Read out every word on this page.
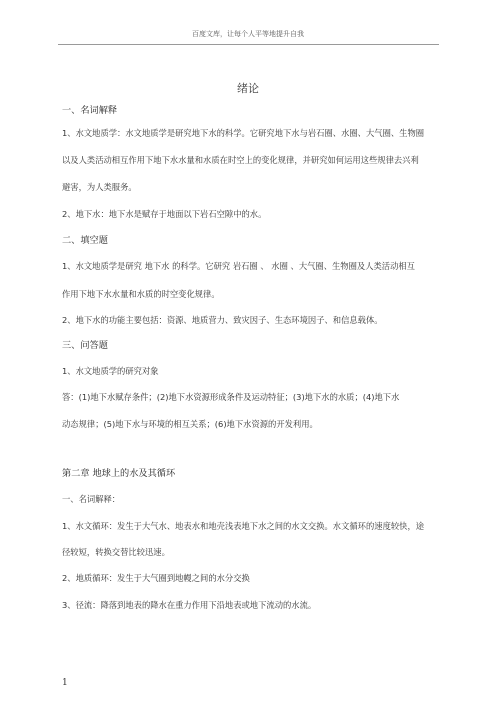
百度文库，让每个人平等地提升自我
绪论
一、名词解释
1、水文地质学：水文地质学是研究地下水的科学。它研究地下水与岩石圈、水圈、大气圈、生物圈
以及人类活动相互作用下地下水水量和水质在时空上的变化规律，并研究如何运用这些规律去兴利
避害，为人类服务。
2、地下水：地下水是赋存于地面以下岩石空隙中的水。
二、填空题
1、水文地质学是研究 地下水 的科学。它研究 岩石圈 、 水圈 、大气圈、生物圈及人类活动相互
作用下地下水水量和水质的时空变化规律。
2、地下水的功能主要包括：资源、地质营力、致灾因子、生态环境因子、和信息载体。
三、问答题
1、水文地质学的研究对象
答：(1)地下水赋存条件；(2)地下水资源形成条件及运动特征；(3)地下水的水质；(4)地下水
动态规律；(5)地下水与环境的相互关系；(6)地下水资源的开发利用。
第二章 地球上的水及其循环
一、名词解释：
1、水文循环：发生于大气水、地表水和地壳浅表地下水之间的水文交换。水文循环的速度较快，途
径较短，转换交替比较迅速。
2、地质循环：发生于大气圈到地幔之间的水分交换
3、径流：降落到地表的降水在重力作用下沿地表或地下流动的水流。
1
